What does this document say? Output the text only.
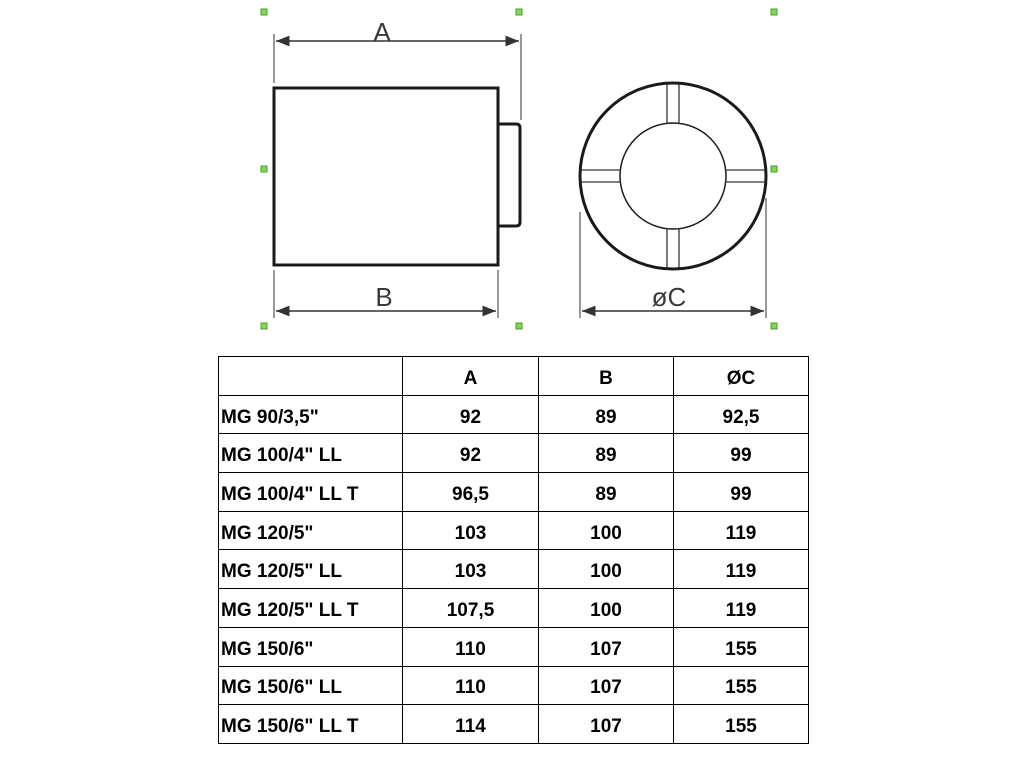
A
B	øC
	A	B	ØC
MG 90/3,5"	92	89	92,5
MG 100/4" LL	92	89	99
MG 100/4" LL T	96,5	89	99
MG 120/5"	103	100	119
MG 120/5" LL	103	100	119
MG 120/5" LL T	107,5	100	119
MG 150/6"	110	107	155
MG 150/6" LL	110	107	155
MG 150/6" LL T	114	107	155
